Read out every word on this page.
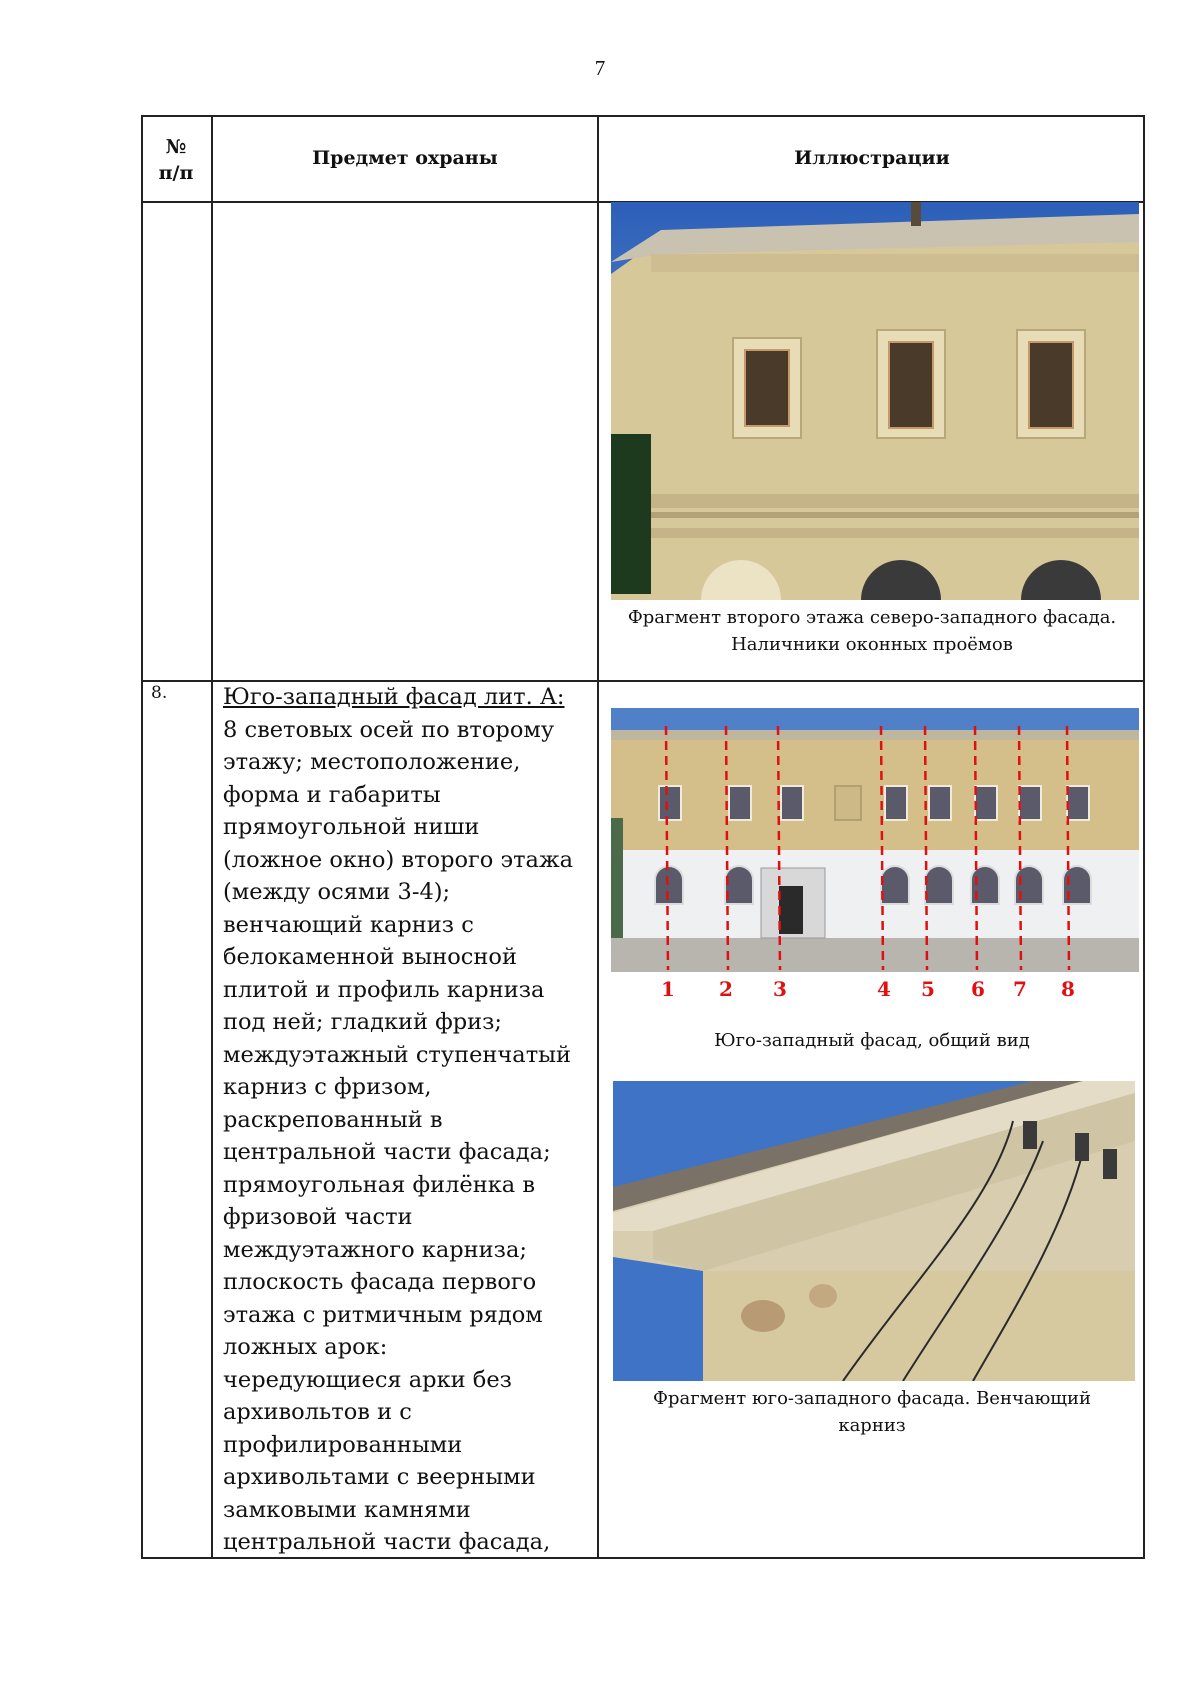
7
№
п/п
Предмет охраны	Иллюстрации
Фрагмент второго этажа северо-западного фасада.
Наличники оконных проёмов
8. Юго-западный фасад лит. А:

8 световых осей по второму

этажу; местоположение,

форма и габариты

прямоугольной ниши

(ложное окно) второго этажа

(между осями 3-4);

венчающий карниз с

белокаменной выносной

плитой и профиль карниза

под ней; гладкий фриз;

междуэтажный ступенчатый

карниз с фризом,

раскрепованный в

центральной части фасада;

прямоугольная филёнка в

фризовой части

междуэтажного карниза;

плоскость фасада первого

этажа с ритмичным рядом

ложных арок:

чередующиеся арки без

архивольтов и с

профилированными

архивольтами с веерными

замковыми камнями

центральной части фасада,

1 2 3	4 5 6 7 8
Юго-западный фасад, общий вид
Фрагмент юго-западного фасада. Венчающий
карниз
